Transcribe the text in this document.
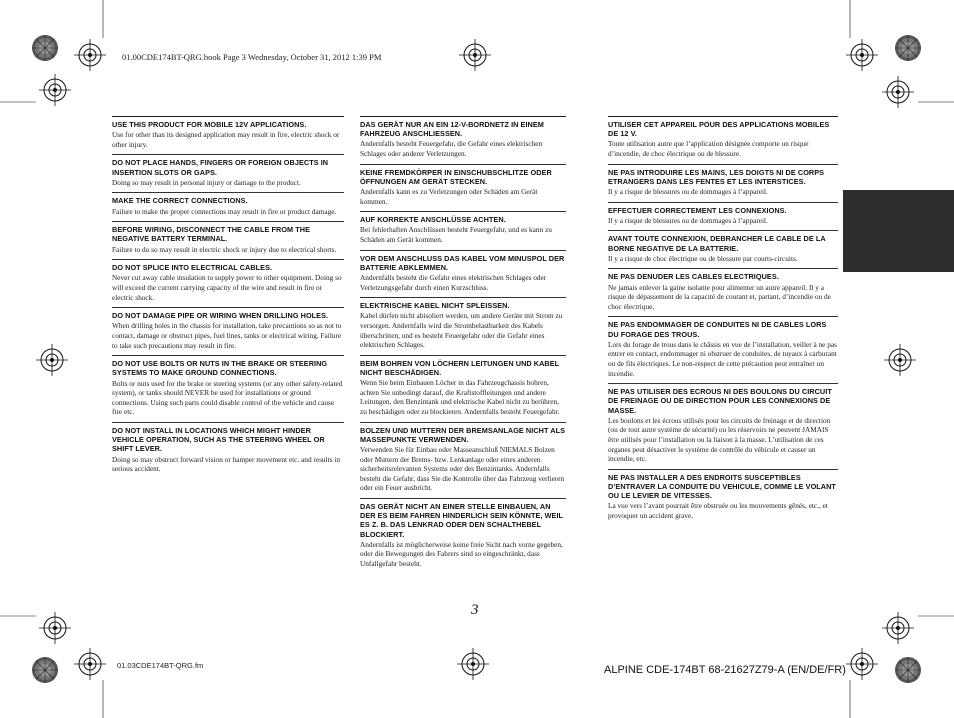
01.00CDE174BT-QRG.book Page 3 Wednesday, October 31, 2012 1:39 PM
USE THIS PRODUCT FOR MOBILE 12V APPLICATIONS.
Use for other than its designed application may result in fire, electric shock or other injury.
DO NOT PLACE HANDS, FINGERS OR FOREIGN OBJECTS IN INSERTION SLOTS OR GAPS.
Doing so may result in personal injury or damage to the product.
MAKE THE CORRECT CONNECTIONS.
Failure to make the proper connections may result in fire or product damage.
BEFORE WIRING, DISCONNECT THE CABLE FROM THE NEGATIVE BATTERY TERMINAL.
Failure to do so may result in electric shock or injury due to electrical shorts.
DO NOT SPLICE INTO ELECTRICAL CABLES.
Never cut away cable insulation to supply power to other equipment. Doing so will exceed the current carrying capacity of the wire and result in fire or electric shock.
DO NOT DAMAGE PIPE OR WIRING WHEN DRILLING HOLES.
When drilling holes in the chassis for installation, take precautions so as not to contact, damage or obstruct pipes, fuel lines, tanks or electrical wiring. Failure to take such precautions may result in fire.
DO NOT USE BOLTS OR NUTS IN THE BRAKE OR STEERING SYSTEMS TO MAKE GROUND CONNECTIONS.
Bolts or nuts used for the brake or steering systems (or any other safety-related system), or tanks should NEVER be used for installations or ground connections. Using such parts could disable control of the vehicle and cause fire etc.
DO NOT INSTALL IN LOCATIONS WHICH MIGHT HINDER VEHICLE OPERATION, SUCH AS THE STEERING WHEEL OR SHIFT LEVER.
Doing so may obstruct forward vision or hamper movement etc. and results in serious accident.
DAS GERÄT NUR AN EIN 12-V-BORDNETZ IN EINEM FAHRZEUG ANSCHLIESSEN.
Andernfalls besteht Feuergefahr, die Gefahr eines elektrischen Schlages oder anderer Verletzungen.
KEINE FREMDKÖRPER IN EINSCHUBSCHLITZE ODER ÖFFNUNGEN AM GERÄT STECKEN.
Andernfalls kann es zu Verletzungen oder Schäden am Gerät kommen.
AUF KORREKTE ANSCHLÜSSE ACHTEN.
Bei fehlerhaften Anschlüssen besteht Feuergefahr, und es kann zu Schäden am Gerät kommen.
VOR DEM ANSCHLUSS DAS KABEL VOM MINUSPOL DER BATTERIE ABKLEMMEN.
Andernfalls besteht die Gefahr eines elektrischen Schlages oder Verletzungsgefahr durch einen Kurzschluss.
ELEKTRISCHE KABEL NICHT SPLEISSEN.
Kabel dürfen nicht abisoliert werden, um andere Geräte mit Strom zu versorgen. Andernfalls wird die Strombelastbarkeit des Kabels überschritten, und es besteht Feuergefahr oder die Gefahr eines elektrischen Schlages.
BEIM BOHREN VON LÖCHERN LEITUNGEN UND KABEL NICHT BESCHÄDIGEN.
Wenn Sie beim Einbauen Löcher in das Fahrzeugchassis bohren, achten Sie unbedingt darauf, die Kraftstoffleitungen und andere Leitungen, den Benzintank und elektrische Kabel nicht zu berühren, zu beschädigen oder zu blockieren. Andernfalls besteht Feuergefahr.
BOLZEN UND MUTTERN DER BREMSANLAGE NICHT ALS MASSEPUNKTE VERWENDEN.
Verwenden Sie für Einbau oder Masseanschluß NIEMALS Bolzen oder Muttern der Brems- bzw. Lenkanlage oder eines anderen sicherheitsrelevanten Systems oder des Benzintanks. Andernfalls besteht die Gefahr, dass Sie die Kontrolle über das Fahrzeug verlieren oder ein Feuer ausbricht.
DAS GERÄT NICHT AN EINER STELLE EINBAUEN, AN DER ES BEIM FAHREN HINDERLICH SEIN KÖNNTE, WEIL ES Z. B. DAS LENKRAD ODER DEN SCHALTHEBEL BLOCKIERT.
Andernfalls ist möglicherweise keine freie Sicht nach vorne gegeben, oder die Bewegungen des Fahrers sind so eingeschränkt, dass Unfallgefahr besteht.
UTILISER CET APPAREIL POUR DES APPLICATIONS MOBILES DE 12 V.
Toute utilisation autre que l’application désignée comporte un risque d’incendie, de choc électrique ou de blessure.
NE PAS INTRODUIRE LES MAINS, LES DOIGTS NI DE CORPS ETRANGERS DANS LES FENTES ET LES INTERSTICES.
Il y a risque de blessures ou de dommages à l’appareil.
EFFECTUER CORRECTEMENT LES CONNEXIONS.
Il y a risque de blessures ou de dommages à l’appareil.
AVANT TOUTE CONNEXION, DEBRANCHER LE CABLE DE LA BORNE NEGATIVE DE LA BATTERIE.
Il y a risque de choc électrique ou de blessure par courts-circuits.
NE PAS DENUDER LES CABLES ELECTRIQUES.
Ne jamais enlever la gaine isolante pour alimenter un autre appareil. Il y a risque de dépassement de la capacité de courant et, partant, d’incendie ou de choc électrique.
NE PAS ENDOMMAGER DE CONDUITES NI DE CABLES LORS DU FORAGE DES TROUS.
Lors du forage de trous dans le châssis en vue de l’installation, veiller à ne pas entrer en contact, endommager ni obstruer de conduites, de tuyaux à carburant ou de fils électriques. Le non-respect de cette précaution peut entraîner un incendie.
NE PAS UTILISER DES ECROUS NI DES BOULONS DU CIRCUIT DE FREINAGE OU DE DIRECTION POUR LES CONNEXIONS DE MASSE.
Les boulons et les écrous utilisés pour les circuits de freinage et de direction (ou de tout autre système de sécurité) ou les réservoirs ne peuvent JAMAIS être utilisés pour l’installation ou la liaison à la masse. L’utilisation de ces organes peut désactiver le système de contrôle du véhicule et causer un incendie, etc.
NE PAS INSTALLER A DES ENDROITS SUSCEPTIBLES D’ENTRAVER LA CONDUITE DU VEHICULE, COMME LE VOLANT OU LE LEVIER DE VITESSES.
La vue vers l’avant pourrait être obstruée ou les mouvements gênés, etc., et provoquer un accident grave.
3
01.03CDE174BT-QRG.fm	ALPINE CDE-174BT 68-21627Z79-A (EN/DE/FR)
